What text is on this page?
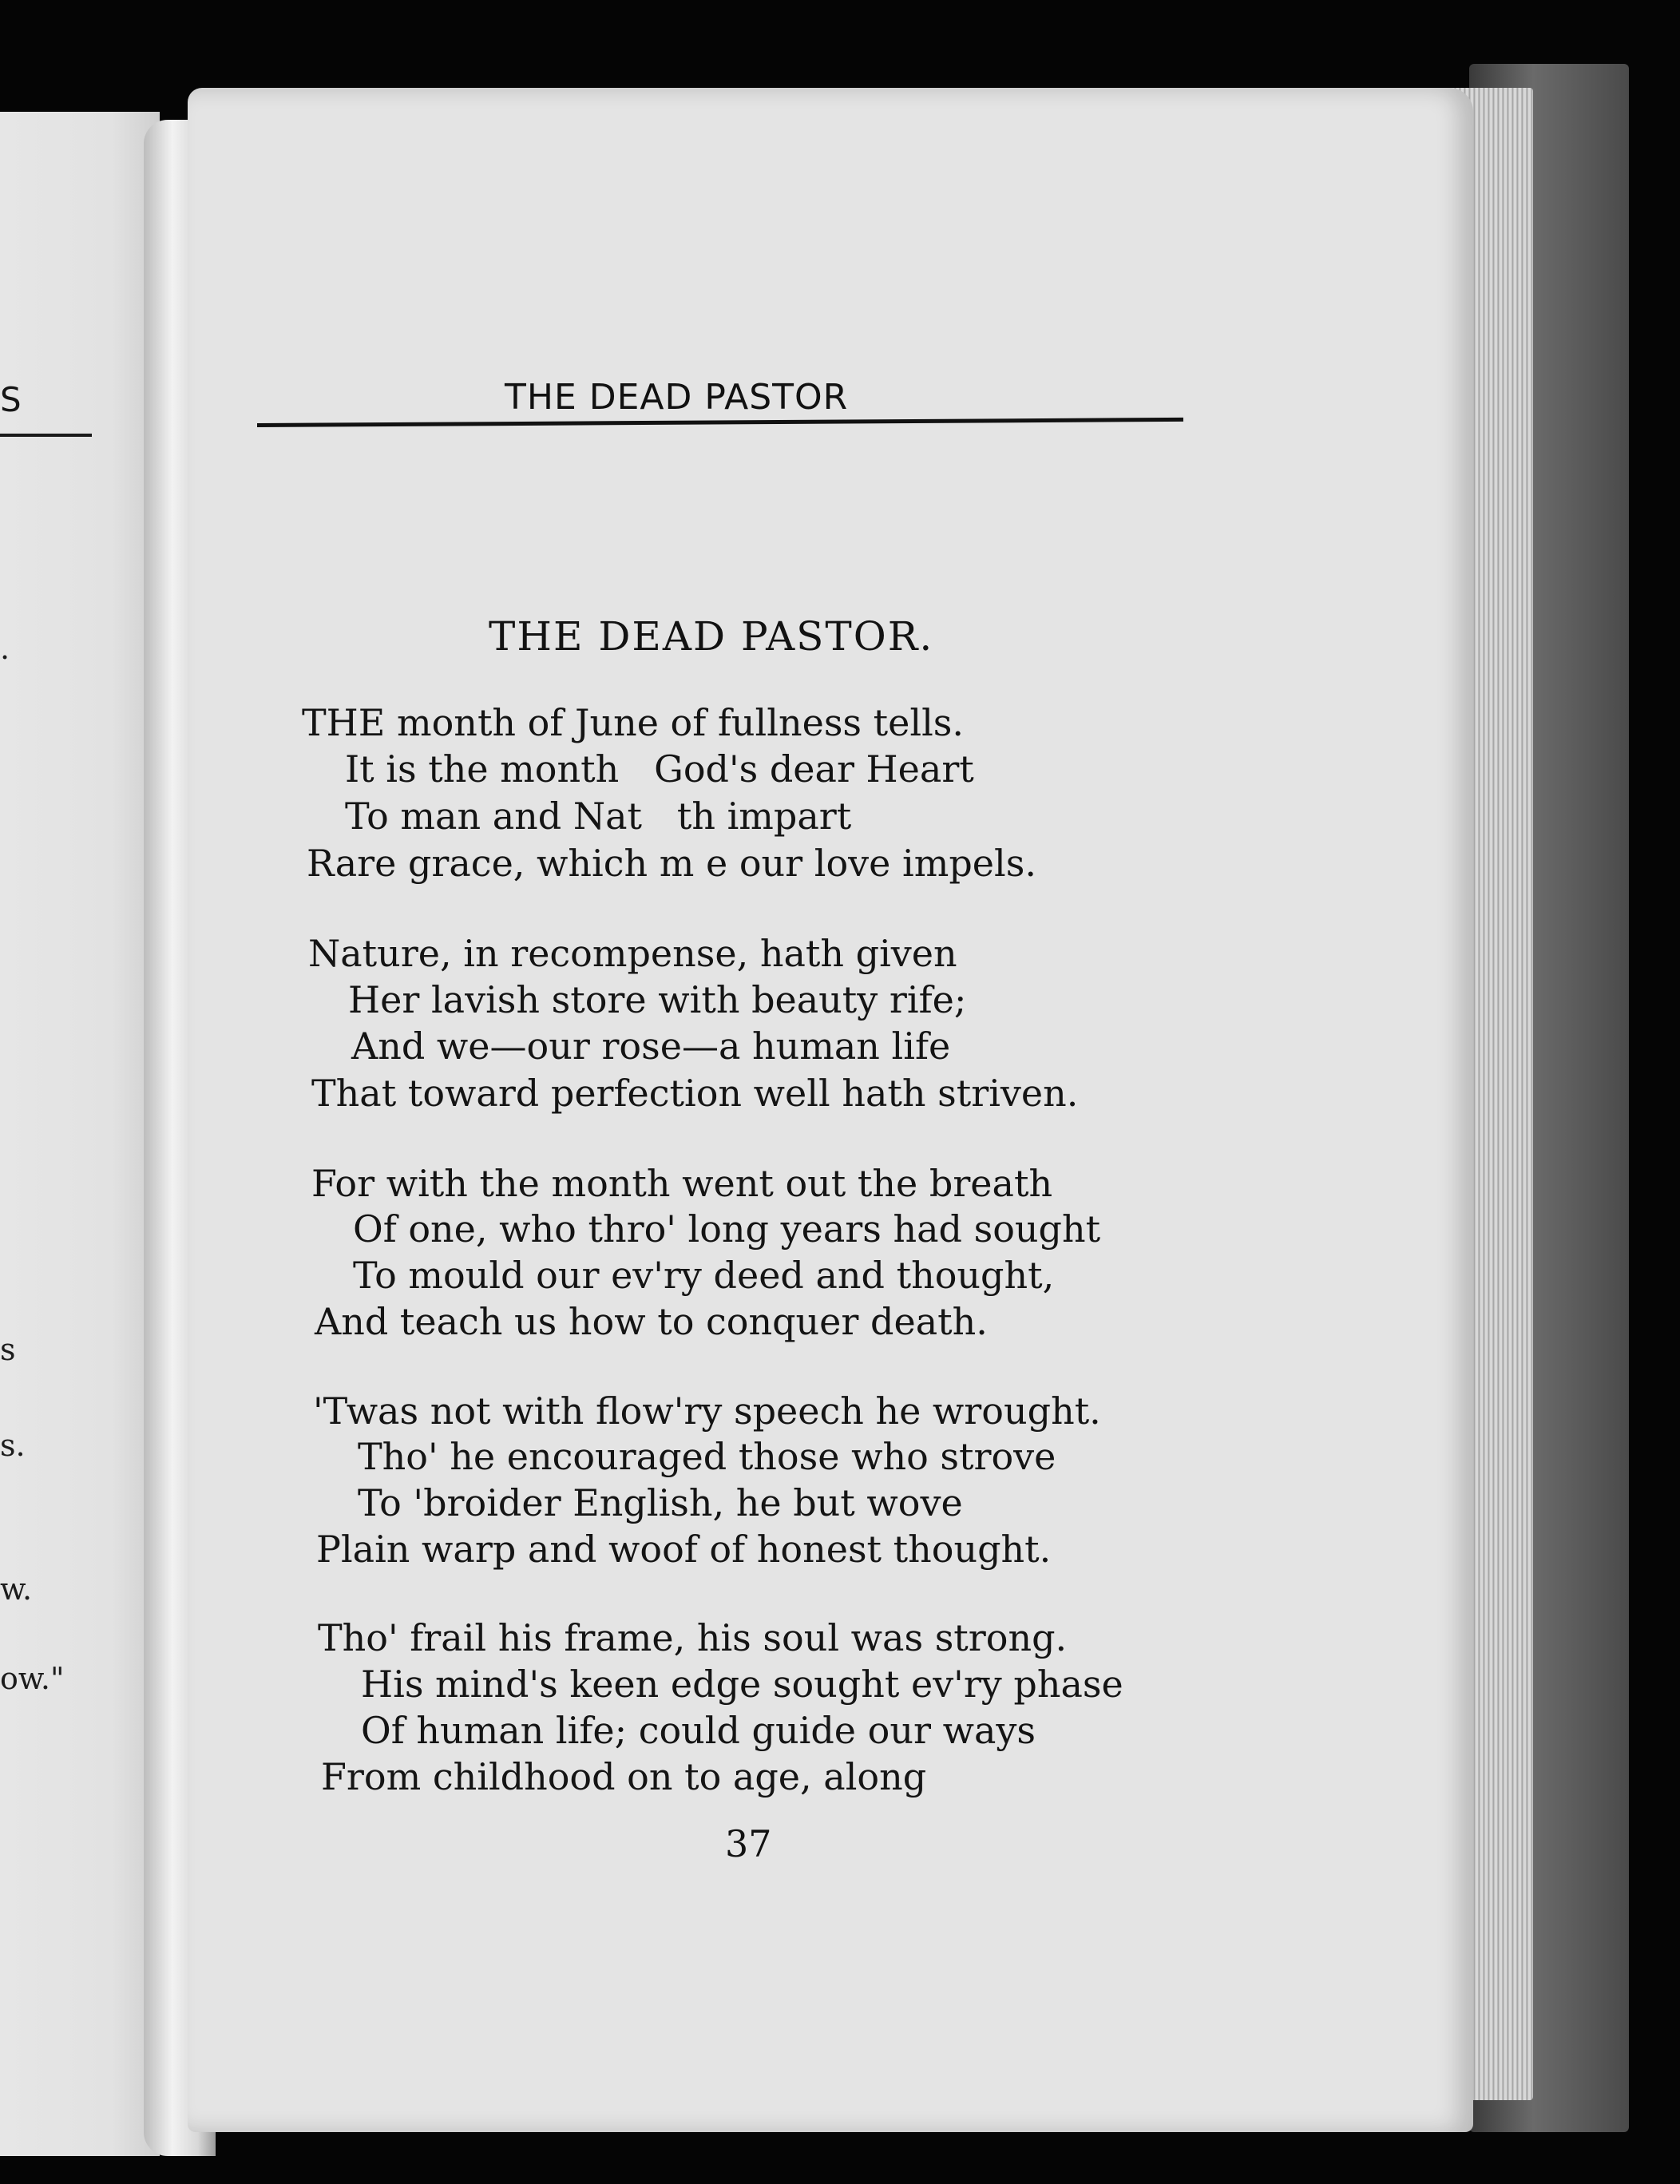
S
.
s
s.
w.
ow."
THE DEAD PASTOR
THE DEAD PASTOR.
THE month of June of fullness tells.
It is the month   God's dear Heart
To man and Nat   th impart
Rare grace, which m e our love impels.
Nature, in recompense, hath given
Her lavish store with beauty rife;
And we—our rose—a human life
That toward perfection well hath striven.
For with the month went out the breath
Of one, who thro' long years had sought
To mould our ev'ry deed and thought,
And teach us how to conquer death.
'Twas not with flow'ry speech he wrought.
Tho' he encouraged those who strove
To 'broider English, he but wove
Plain warp and woof of honest thought.
Tho' frail his frame, his soul was strong.
His mind's keen edge sought ev'ry phase
Of human life; could guide our ways
From childhood on to age, along
37
